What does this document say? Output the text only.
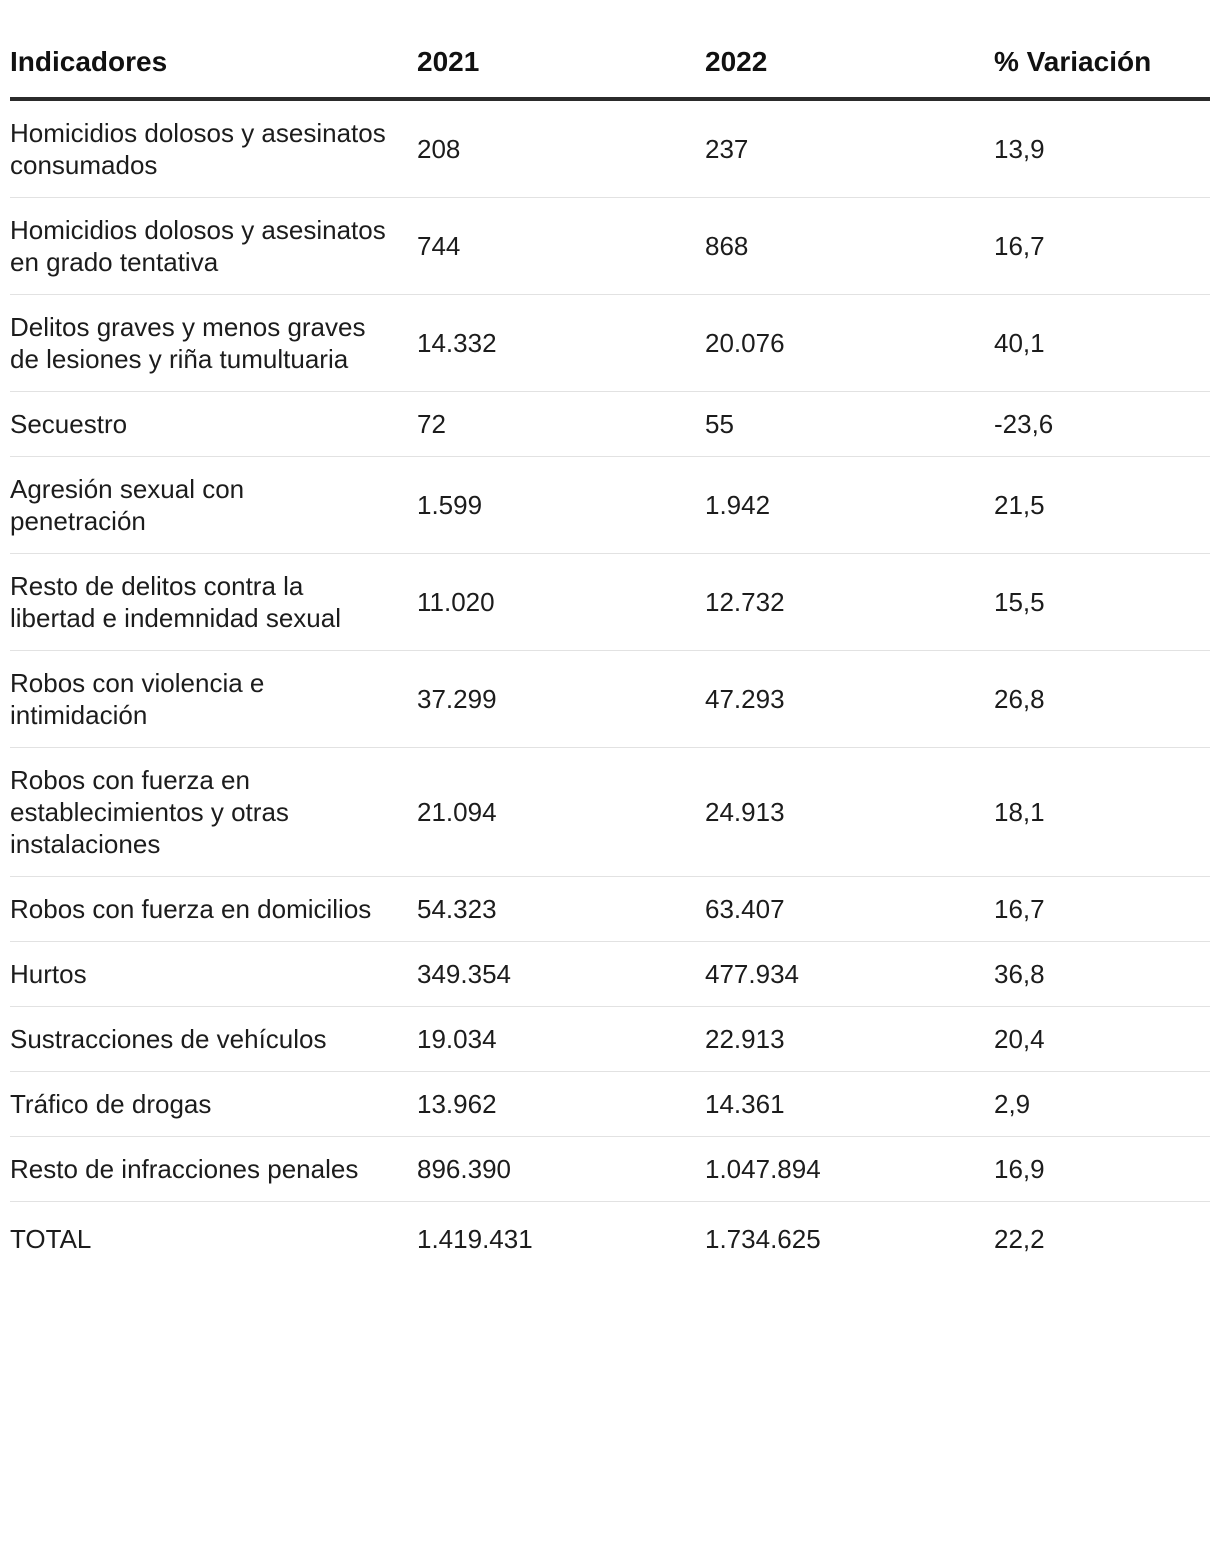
Indicadores	2021	2022	% Variación
Homicidios dolosos y asesinatos consumados	208	237	13,9
Homicidios dolosos y asesinatos en grado tentativa	744	868	16,7
Delitos graves y menos graves de lesiones y riña tumultuaria	14.332	20.076	40,1
Secuestro	72	55	-23,6
Agresión sexual con penetración	1.599	1.942	21,5
Resto de delitos contra la libertad e indemnidad sexual	11.020	12.732	15,5
Robos con violencia e intimidación	37.299	47.293	26,8
Robos con fuerza en establecimientos y otras instalaciones	21.094	24.913	18,1
Robos con fuerza en domicilios	54.323	63.407	16,7
Hurtos	349.354	477.934	36,8
Sustracciones de vehículos	19.034	22.913	20,4
Tráfico de drogas	13.962	14.361	2,9
Resto de infracciones penales	896.390	1.047.894	16,9
TOTAL	1.419.431	1.734.625	22,2
